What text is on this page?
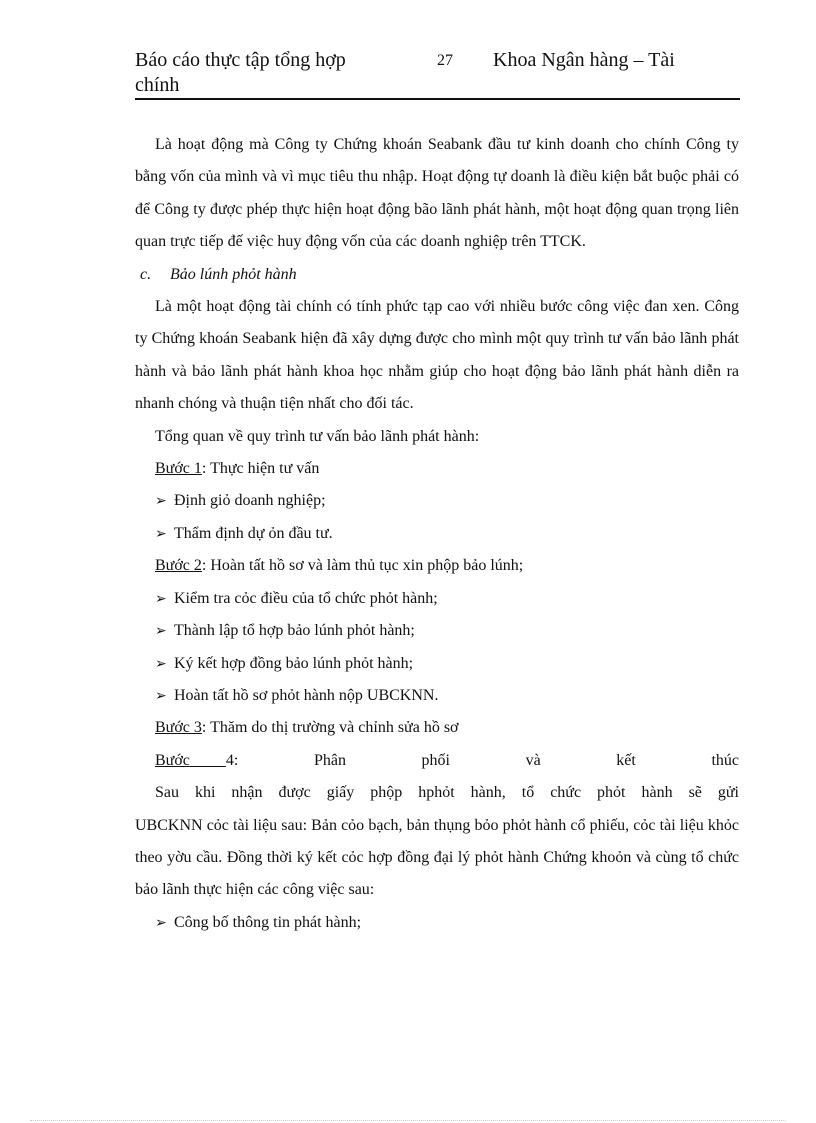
Báo cáo thực tập tổng hợp chính
27 Khoa Ngân hàng – Tài

Là hoạt động mà Công ty Chứng khoán Seabank đầu tư kinh doanh cho chính Công ty bằng vốn của mình và vì mục tiêu thu nhập. Hoạt động tự doanh là điều kiện bắt buộc phải có để Công ty được phép thực hiện hoạt động bão lãnh phát hành, một hoạt động quan trọng liên quan trực tiếp đế việc huy động vốn của các doanh nghiệp trên TTCK.

c. Bảo lúnh phỏt hành

Là một hoạt động tài chính có tính phức tạp cao với nhiều bước công việc đan xen. Công ty Chứng khoán Seabank hiện đã xây dựng được cho mình một quy trình tư vấn bảo lãnh phát hành và bảo lãnh phát hành khoa học nhằm giúp cho hoạt động bảo lãnh phát hành diễn ra nhanh chóng và thuận tiện nhất cho đối tác.

Tổng quan về quy trình tư vấn bảo lãnh phát hành:

Bước 1: Thực hiện tư vấn

➢ Định giỏ doanh nghiệp;

➢ Thẩm định dự ỏn đầu tư.

Bước 2: Hoàn tất hồ sơ và làm thủ tục xin phộp bảo lúnh;

➢ Kiểm tra cỏc điều của tổ chức phỏt hành;

➢ Thành lập tổ hợp bảo lúnh phỏt hành;

➢ Ký kết hợp đồng bảo lúnh phỏt hành;

➢ Hoàn tất hồ sơ phỏt hành nộp UBCKNN.

Bước 3: Thăm do thị trường và chỉnh sửa hồ sơ

Bước 4:	Phân	phối	và	kết	thúc

Sau khi nhận được giấy phộp hphỏt hành, tổ chức phỏt hành sẽ gửi

UBCKNN cỏc tài liệu sau: Bản cỏo bạch, bản thụng bỏo phỏt hành cổ phiếu, cỏc tài liệu khỏc theo yờu cầu. Đồng thời ký kết cỏc hợp đồng đại lý phỏt hành Chứng khoỏn và cùng tổ chức bảo lãnh thực hiện các công việc sau:

➢ Công bố thông tin phát hành;
